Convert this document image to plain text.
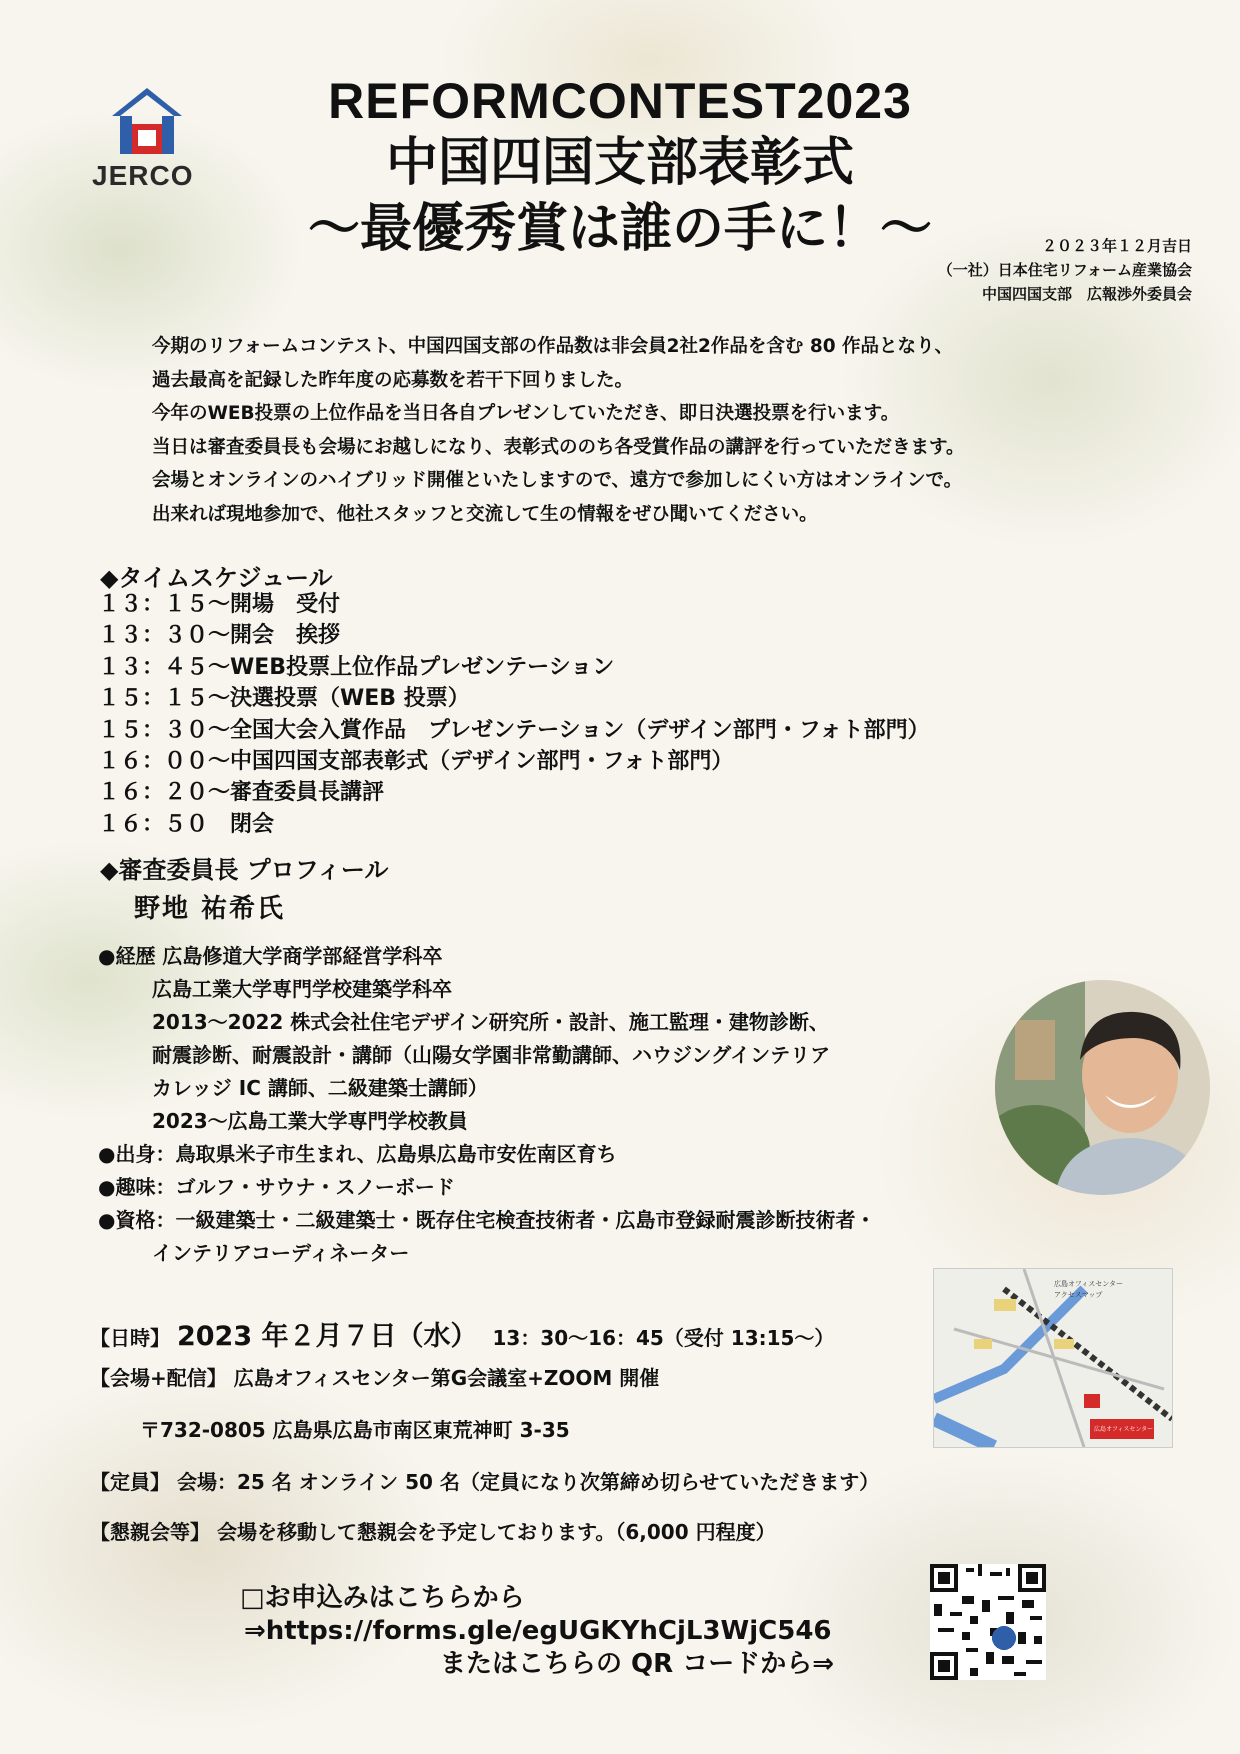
JERCO
REFORMCONTEST2023
中国四国支部表彰式
～最優秀賞は誰の手に！～	２０２３年１２月吉日
（一社）日本住宅リフォーム産業協会
中国四国支部　広報渉外委員会
今期のリフォームコンテスト、中国四国支部の作品数は非会員2社2作品を含む 80 作品となり、
過去最高を記録した昨年度の応募数を若干下回りました。
今年のWEB投票の上位作品を当日各自プレゼンしていただき、即日決選投票を行います。
当日は審査委員長も会場にお越しになり、表彰式ののち各受賞作品の講評を行っていただきます。
会場とオンラインのハイブリッド開催といたしますので、遠方で参加しにくい方はオンラインで。
出来れば現地参加で、他社スタッフと交流して生の情報をぜひ聞いてください。
◆タイムスケジュール
１３：１５～開場　受付
１３：３０～開会　挨拶
１３：４５～WEB投票上位作品プレゼンテーション
１５：１５～決選投票（WEB 投票）
１５：３０～全国大会入賞作品　プレゼンテーション（デザイン部門・フォト部門）
１６：００～中国四国支部表彰式（デザイン部門・フォト部門）
１６：２０～審査委員長講評
１６：５０　閉会
◆審査委員長 プロフィール
野地 祐希氏
●経歴 広島修道大学商学部経営学科卒
広島工業大学専門学校建築学科卒
2013～2022 株式会社住宅デザイン研究所・設計、施工監理・建物診断、
耐震診断、耐震設計・講師（山陽女学園非常勤講師、ハウジングインテリア
カレッジ IC 講師、二級建築士講師）
2023～広島工業大学専門学校教員
●出身：鳥取県米子市生まれ、広島県広島市安佐南区育ち
●趣味：ゴルフ・サウナ・スノーボード
●資格：一級建築士・二級建築士・既存住宅検査技術者・広島市登録耐震診断技術者・
インテリアコーディネーター
【日時】 2023 年２月７日（水） 13：30～16：45（受付 13:15～）
【会場+配信】 広島オフィスセンター第G会議室+ZOOM 開催
〒732-0805 広島県広島市南区東荒神町 3-35
【定員】 会場：25 名 オンライン 50 名（定員になり次第締め切らせていただきます）
【懇親会等】 会場を移動して懇親会を予定しております。（6,000 円程度）
広島オフィスセンター
アクセスマップ
広島オフィスセンター
□お申込みはこちらから
⇒https://forms.gle/egUGKYhCjL3WjC546
またはこちらの QR コードから⇒
